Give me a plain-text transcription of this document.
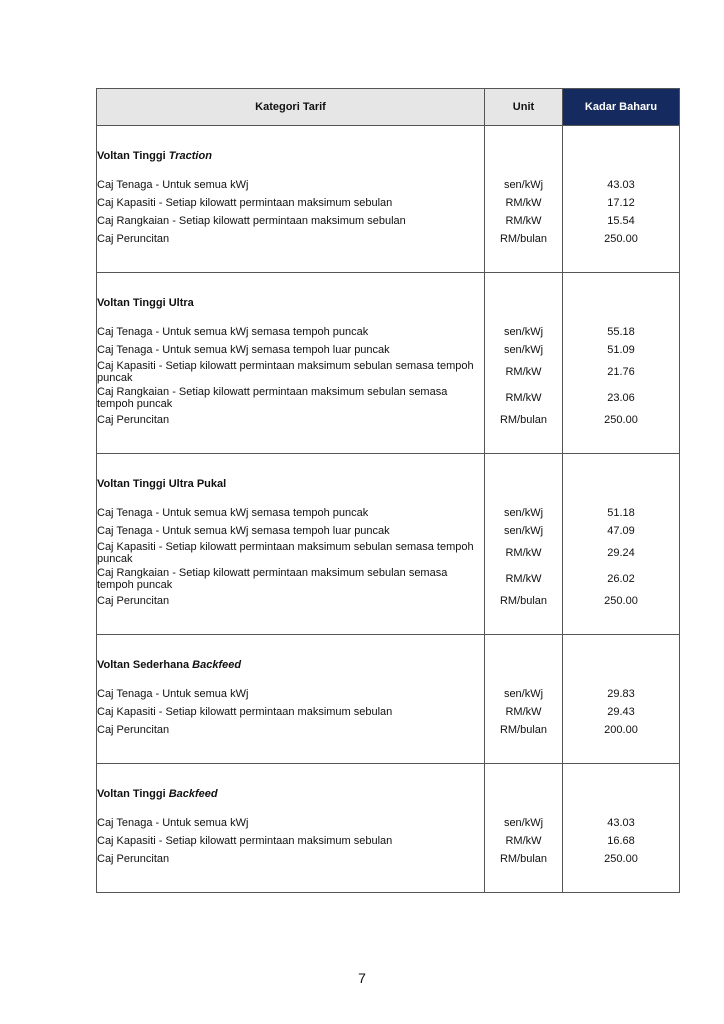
Kategori Tarif	Unit	Kadar Baharu

Voltan Tinggi Traction		

Caj Tenaga - Untuk semua kWj	sen/kWj	43.03
Caj Kapasiti - Setiap kilowatt permintaan maksimum sebulan	RM/kW	17.12
Caj Rangkaian - Setiap kilowatt permintaan maksimum sebulan	RM/kW	15.54
Caj Peruncitan	RM/bulan	250.00

Voltan Tinggi Ultra		

Caj Tenaga - Untuk semua kWj semasa tempoh puncak	sen/kWj	55.18
Caj Tenaga - Untuk semua kWj semasa tempoh luar puncak	sen/kWj	51.09
Caj Kapasiti - Setiap kilowatt permintaan maksimum sebulan semasa tempoh puncak	RM/kW	21.76
Caj Rangkaian - Setiap kilowatt permintaan maksimum sebulan semasa tempoh puncak	RM/kW	23.06
Caj Peruncitan	RM/bulan	250.00

Voltan Tinggi Ultra Pukal		

Caj Tenaga - Untuk semua kWj semasa tempoh puncak	sen/kWj	51.18
Caj Tenaga - Untuk semua kWj semasa tempoh luar puncak	sen/kWj	47.09
Caj Kapasiti - Setiap kilowatt permintaan maksimum sebulan semasa tempoh puncak	RM/kW	29.24
Caj Rangkaian - Setiap kilowatt permintaan maksimum sebulan semasa tempoh puncak	RM/kW	26.02
Caj Peruncitan	RM/bulan	250.00

Voltan Sederhana Backfeed		

Caj Tenaga - Untuk semua kWj	sen/kWj	29.83
Caj Kapasiti - Setiap kilowatt permintaan maksimum sebulan	RM/kW	29.43
Caj Peruncitan	RM/bulan	200.00

Voltan Tinggi Backfeed		

Caj Tenaga - Untuk semua kWj	sen/kWj	43.03
Caj Kapasiti - Setiap kilowatt permintaan maksimum sebulan	RM/kW	16.68
Caj Peruncitan	RM/bulan	250.00

7
